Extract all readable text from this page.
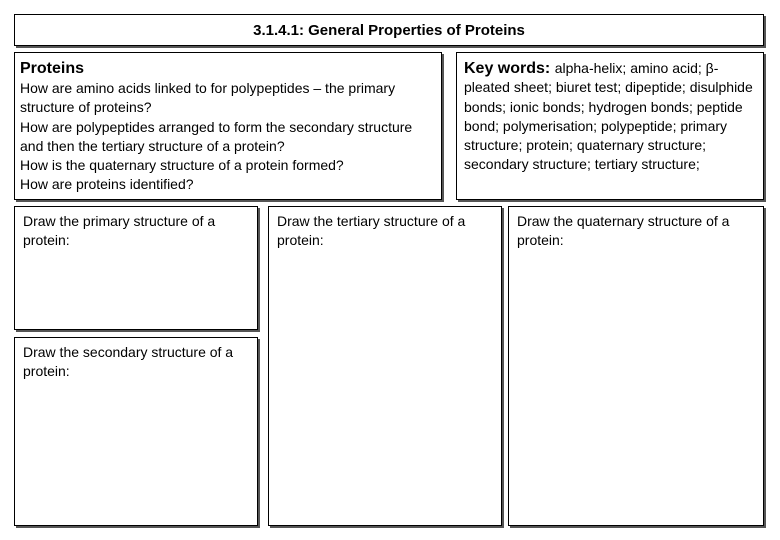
3.1.4.1: General Properties of Proteins
Proteins
How are amino acids linked to for polypeptides – the primary structure of proteins?
How are polypeptides arranged to form the secondary structure and then the tertiary structure of a protein?
How is the quaternary structure of a protein formed?
How are proteins identified?
Key words: alpha-helix; amino acid; β-pleated sheet; biuret test; dipeptide; disulphide bonds; ionic bonds; hydrogen bonds; peptide bond; polymerisation; polypeptide; primary structure; protein; quaternary structure; secondary structure; tertiary structure;
Draw the primary structure of a protein:
Draw the secondary structure of a protein:
Draw the tertiary structure of a protein:
Draw the quaternary structure of a protein:
